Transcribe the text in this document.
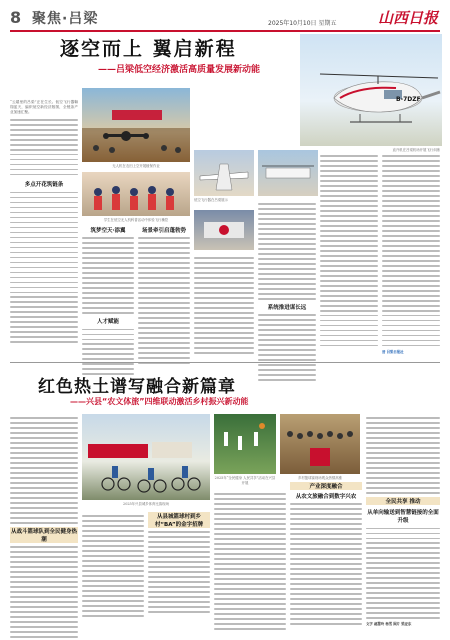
8 聚焦·吕梁	2025年10月10日 星期五	山西日报
逐空而上 翼启新程
——吕梁低空经济激活高质量发展新动能
B-7DZF
直升机在吕梁机场开展飞行训练
“云端里的吕梁”正在生长。低空飞行器翱翔蓝天，编织低空新经济版图，全链条产业加速汇聚。
多点开花筑链条
无人机在农田上空开展植保作业
学生在低空无人机科普活动中体验飞行操控
低空飞行器在吕梁展示
系统推进谋长远
晋 吕梁日报社
筑梦空天·添翼
人才赋能
场景牵引启蓬勃势
红色热土谱写融合新篇章
——兴县“农文体旅”四维联动激活乡村振兴新动能
从战斗篮球队到全民健身热潮
2025年兴县城乡体育比赛现场
从县城篮球村到乡村“BA”的金字招牌
2025年“全民健身 人民共享”活动在兴县开展
乡村篮球赛现场观众热情高涨
产业深度融合
从农文旅融合到数字兴农
全民共享 推动
从单向输送到智慧链接的全面升级
文字 郝慧玲 杨雪 图片 梁亚东
